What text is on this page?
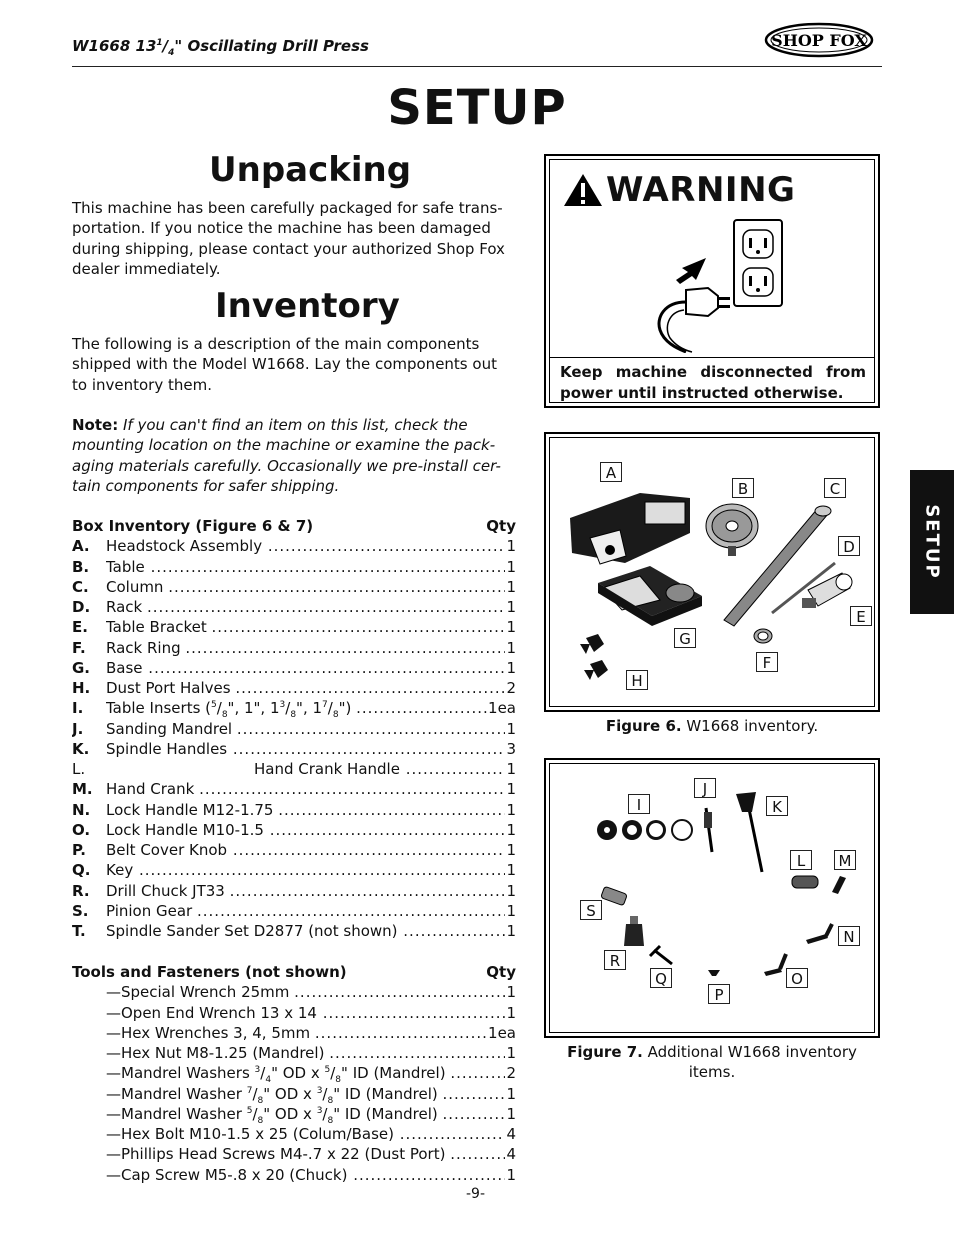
W1668 $13^1/_4$" Oscillating Drill Press	SHOP FOX
SETUP
Unpacking
This machine has been carefully packaged for safe trans-
portation. If you notice the machine has been damaged
during shipping, please contact your authorized Shop Fox
dealer immediately.
Inventory
The following is a description of the main components
shipped with the Model W1668. Lay the components out
to inventory them.
Note: If you can't find an item on this list, check the
mounting location on the machine or examine the pack-
aging materials carefully. Occasionally we pre-install cer-
tain components for safer shipping.
Box Inventory (Figure 6 & 7)	Qty
A. Headstock Assembly .....	1
B. Table .....	1
C. Column .....	1
D. Rack .....	1
E. Table Bracket .....	1
F. Rack Ring .....	1
G. Base .....	1
H. Dust Port Halves .....	2
I. Table Inserts ($^5/_8$", 1", $1^3/_8$", $1^7/_8$") .....	1ea
J. Sanding Mandrel .....	1
K. Spindle Handles .....	3
L.	Hand Crank Handle .....	1
M. Hand Crank .....	1
N. Lock Handle M12-1.75 .....	1
O. Lock Handle M10-1.5 .....	1
P. Belt Cover Knob .....	1
Q. Key .....	1
R. Drill Chuck JT33 .....	1
S. Pinion Gear .....	1
T. Spindle Sander Set D2877 (not shown) .....	1
Tools and Fasteners (not shown)	Qty
—Special Wrench 25mm .....	1
—Open End Wrench 13 x 14 .....	1
—Hex Wrenches 3, 4, 5mm .....	1ea
—Hex Nut M8-1.25 (Mandrel) .....	1
—Mandrel Washers $^3/_4$" OD x $^5/_8$" ID (Mandrel) .....	2
—Mandrel Washer $^7/_8$" OD x $^3/_8$" ID (Mandrel) .....	1
—Mandrel Washer $^5/_8$" OD x $^3/_8$" ID (Mandrel) .....	1
—Hex Bolt M10-1.5 x 25 (Colum/Base) .....	4
—Phillips Head Screws M4-.7 x 22 (Dust Port) .....	4
—Cap Screw M5-.8 x 20 (Chuck) .....	1
-9-
WARNING
Keep machine disconnected from power until instructed otherwise.
A
B	C
D
E
F
G
H
Figure 6. W1668 inventory.
I
J
K
L	M
N
O
P
Q
R
S
Figure 7. Additional W1668 inventory
items.
SETUP
